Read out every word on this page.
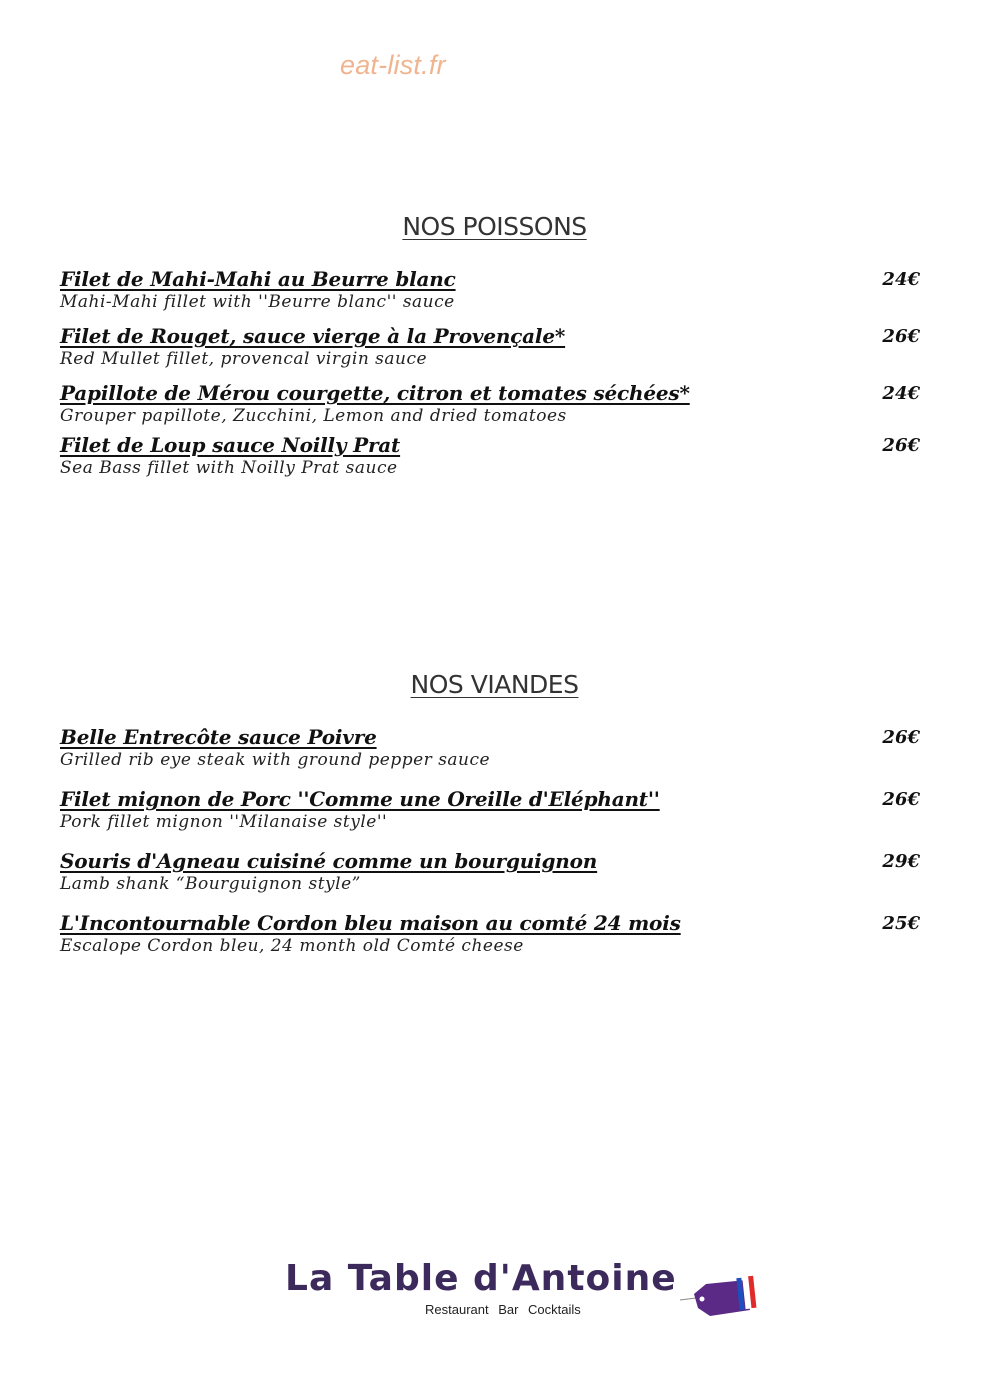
eat-list.fr
NOS POISSONS
Filet de Mahi-Mahi au Beurre blanc
Mahi-Mahi fillet with ''Beurre blanc'' sauce
24€
Filet de Rouget, sauce vierge à la Provençale*
Red Mullet fillet, provencal virgin sauce
26€
Papillote de Mérou courgette, citron et tomates séchées*
Grouper papillote, Zucchini, Lemon and dried tomatoes
24€
Filet de Loup sauce Noilly Prat
Sea Bass fillet with Noilly Prat sauce
26€
NOS VIANDES
Belle Entrecôte sauce Poivre
Grilled rib eye steak with ground pepper sauce
26€
Filet mignon de Porc ''Comme une Oreille d'Eléphant''
Pork fillet mignon ''Milanaise style''
26€
Souris d'Agneau cuisiné comme un bourguignon
Lamb shank “Bourguignon style”
29€
L'Incontournable Cordon bleu maison au comté 24 mois
Escalope Cordon bleu, 24 month old Comté cheese
25€
La Table d'Antoine
Restaurant Bar Cocktails
